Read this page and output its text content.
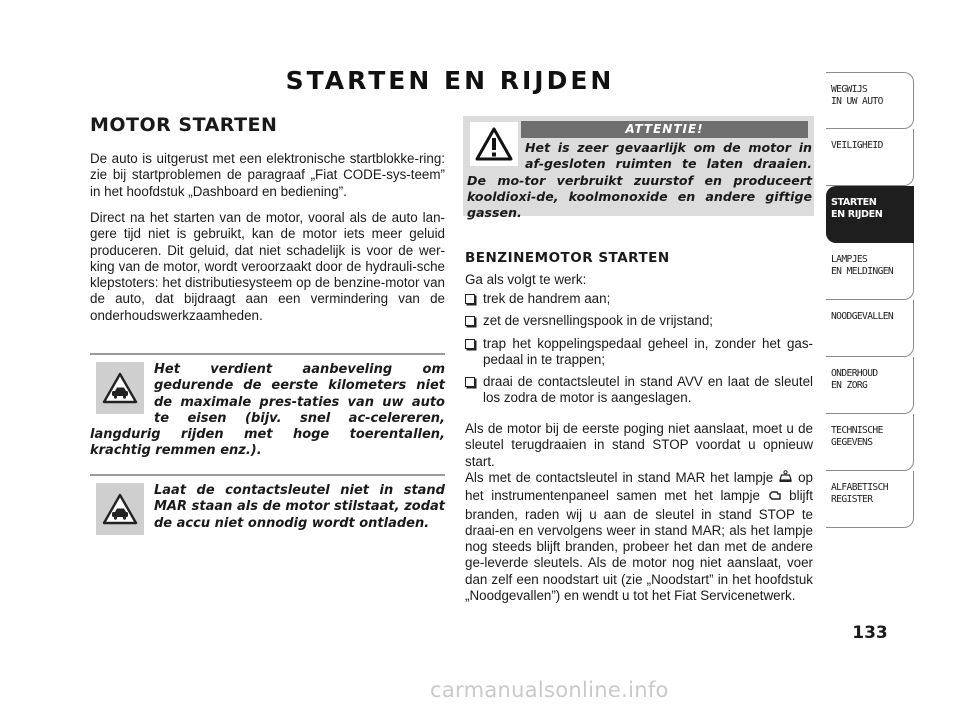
STARTEN EN RIJDEN
MOTOR STARTEN

De auto is uitgerust met een elektronische startblokke-ring: zie bij startproblemen de paragraaf „Fiat CODE-sys-teem” in het hoofdstuk „Dashboard en bediening”.

Direct na het starten van de motor, vooral als de auto lan-gere tijd niet is gebruikt, kan de motor iets meer geluid produceren. Dit geluid, dat niet schadelijk is voor de wer-king van de motor, wordt veroorzaakt door de hydrauli-sche klepstoters: het distributiesysteem op de benzine-motor van de auto, dat bijdraagt aan een vermindering van de onderhoudswerkzaamheden.

Het verdient aanbeveling om gedurende de eerste kilometers niet de maximale pres-taties van uw auto te eisen (bijv. snel ac-celereren, langdurig rijden met hoge toerentallen, krachtig remmen enz.).

Laat de contactsleutel niet in stand MAR staan als de motor stilstaat, zodat de accu niet onnodig wordt ontladen.

ATTENTIE!
Het is zeer gevaarlijk om de motor in af-gesloten ruimten te laten draaien. De mo-tor verbruikt zuurstof en produceert kooldioxi-de, koolmonoxide en andere giftige gassen.
BENZINEMOTOR STARTEN

Ga als volgt te werk:

trek de handrem aan;
zet de versnellingspook in de vrijstand;
trap het koppelingspedaal geheel in, zonder het gas-pedaal in te trappen;
draai de contactsleutel in stand AVV en laat de sleutel los zodra de motor is aangeslagen.

Als de motor bij de eerste poging niet aanslaat, moet u de sleutel terugdraaien in stand STOP voordat u opnieuw start.

Als met de contactsleutel in stand MAR het lampje op het instrumentenpaneel samen met het lampje blijft branden, raden wij u aan de sleutel in stand STOP te draai-en en vervolgens weer in stand MAR; als het lampje nog steeds blijft branden, probeer het dan met de andere ge-leverde sleutels. Als de motor nog niet aanslaat, voer dan zelf een noodstart uit (zie „Noodstart” in het hoofdstuk „Noodgevallen”) en wendt u tot het Fiat Servicenetwerk.

WEGWIJS
IN UW AUTO
VEILIGHEID
STARTEN
EN RIJDEN
LAMPJES
EN MELDINGEN
NOODGEVALLEN
ONDERHOUD
EN ZORG
TECHNISCHE
GEGEVENS
ALFABETISCH
REGISTER
133
carmanualsonline.info
